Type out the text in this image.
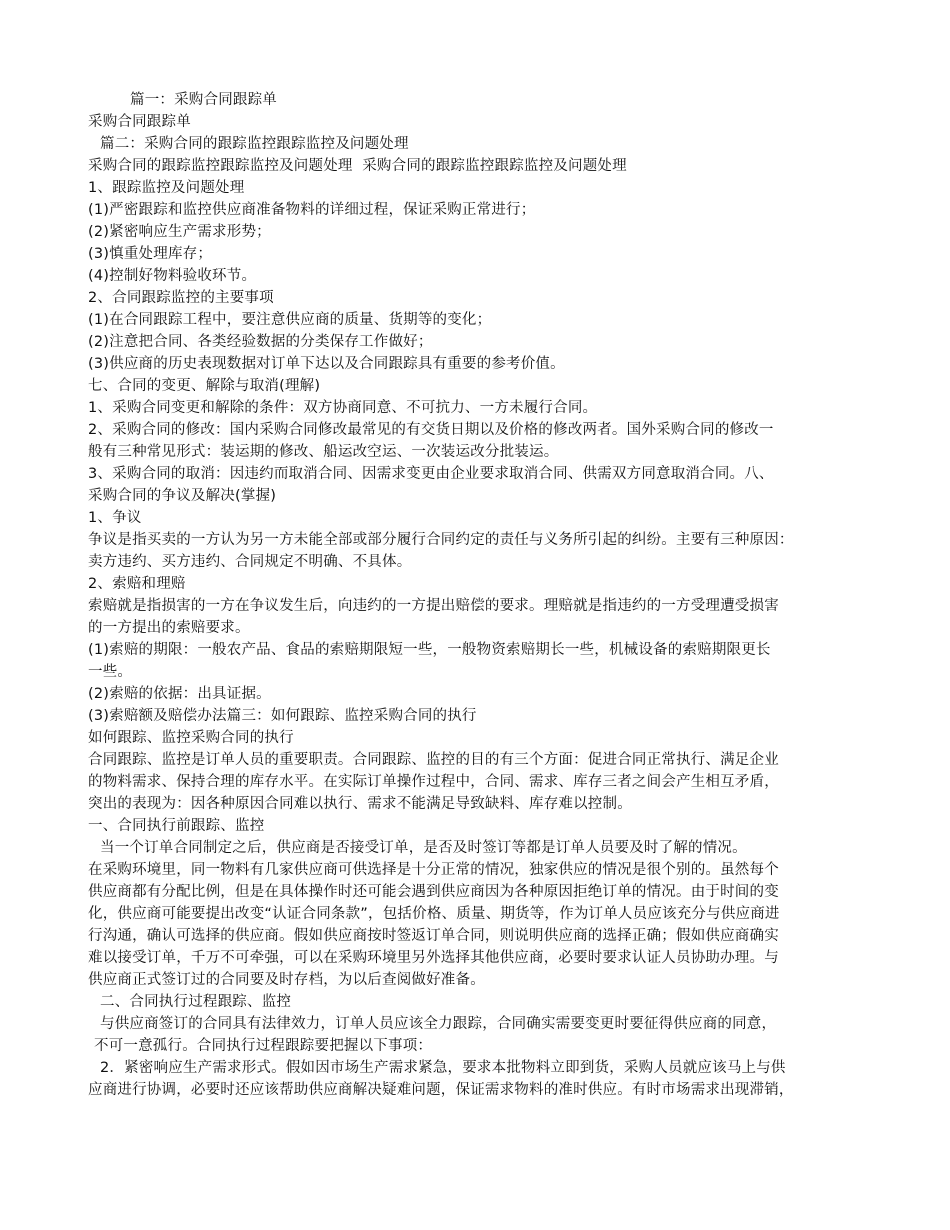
篇一：采购合同跟踪单
采购合同跟踪单
篇二：采购合同的跟踪监控跟踪监控及问题处理
采购合同的跟踪监控跟踪监控及问题处理  采购合同的跟踪监控跟踪监控及问题处理
1、跟踪监控及问题处理
(1)严密跟踪和监控供应商准备物料的详细过程，保证采购正常进行；
(2)紧密响应生产需求形势；
(3)慎重处理库存；
(4)控制好物料验收环节。
2、合同跟踪监控的主要事项
(1)在合同跟踪工程中，要注意供应商的质量、货期等的变化；
(2)注意把合同、各类经验数据的分类保存工作做好；
(3)供应商的历史表现数据对订单下达以及合同跟踪具有重要的参考价值。
七、合同的变更、解除与取消(理解)
1、采购合同变更和解除的条件：双方协商同意、不可抗力、一方未履行合同。
2、采购合同的修改：国内采购合同修改最常见的有交货日期以及价格的修改两者。国外采购合同的修改一
般有三种常见形式：装运期的修改、船运改空运、一次装运改分批装运。
3、采购合同的取消：因违约而取消合同、因需求变更由企业要求取消合同、供需双方同意取消合同。八、
采购合同的争议及解决(掌握)
1、争议
争议是指买卖的一方认为另一方未能全部或部分履行合同约定的责任与义务所引起的纠纷。主要有三种原因：
卖方违约、买方违约、合同规定不明确、不具体。
2、索赔和理赔
索赔就是指损害的一方在争议发生后，向违约的一方提出赔偿的要求。理赔就是指违约的一方受理遭受损害
的一方提出的索赔要求。
(1)索赔的期限：一般农产品、食品的索赔期限短一些，一般物资索赔期长一些，机械设备的索赔期限更长
一些。
(2)索赔的依据：出具证据。
(3)索赔额及赔偿办法篇三：如何跟踪、监控采购合同的执行
如何跟踪、监控采购合同的执行
合同跟踪、监控是订单人员的重要职责。合同跟踪、监控的目的有三个方面：促进合同正常执行、满足企业
的物料需求、保持合理的库存水平。在实际订单操作过程中，合同、需求、库存三者之间会产生相互矛盾，
突出的表现为：因各种原因合同难以执行、需求不能满足导致缺料、库存难以控制。
一、合同执行前跟踪、监控
当一个订单合同制定之后，供应商是否接受订单，是否及时签订等都是订单人员要及时了解的情况。
在采购环境里，同一物料有几家供应商可供选择是十分正常的情况，独家供应的情况是很个别的。虽然每个
供应商都有分配比例，但是在具体操作时还可能会遇到供应商因为各种原因拒绝订单的情况。由于时间的变
化，供应商可能要提出改变“认证合同条款”，包括价格、质量、期货等，作为订单人员应该充分与供应商进
行沟通，确认可选择的供应商。假如供应商按时签返订单合同，则说明供应商的选择正确；假如供应商确实
难以接受订单，千万不可牵强，可以在采购环境里另外选择其他供应商，必要时要求认证人员协助办理。与
供应商正式签订过的合同要及时存档，为以后查阅做好准备。
二、合同执行过程跟踪、监控
与供应商签订的合同具有法律效力，订单人员应该全力跟踪，合同确实需要变更时要征得供应商的同意，
不可一意孤行。合同执行过程跟踪要把握以下事项：
2．紧密响应生产需求形式。假如因市场生产需求紧急，要求本批物料立即到货，采购人员就应该马上与供
应商进行协调，必要时还应该帮助供应商解决疑难问题，保证需求物料的准时供应。有时市场需求出现滞销，
